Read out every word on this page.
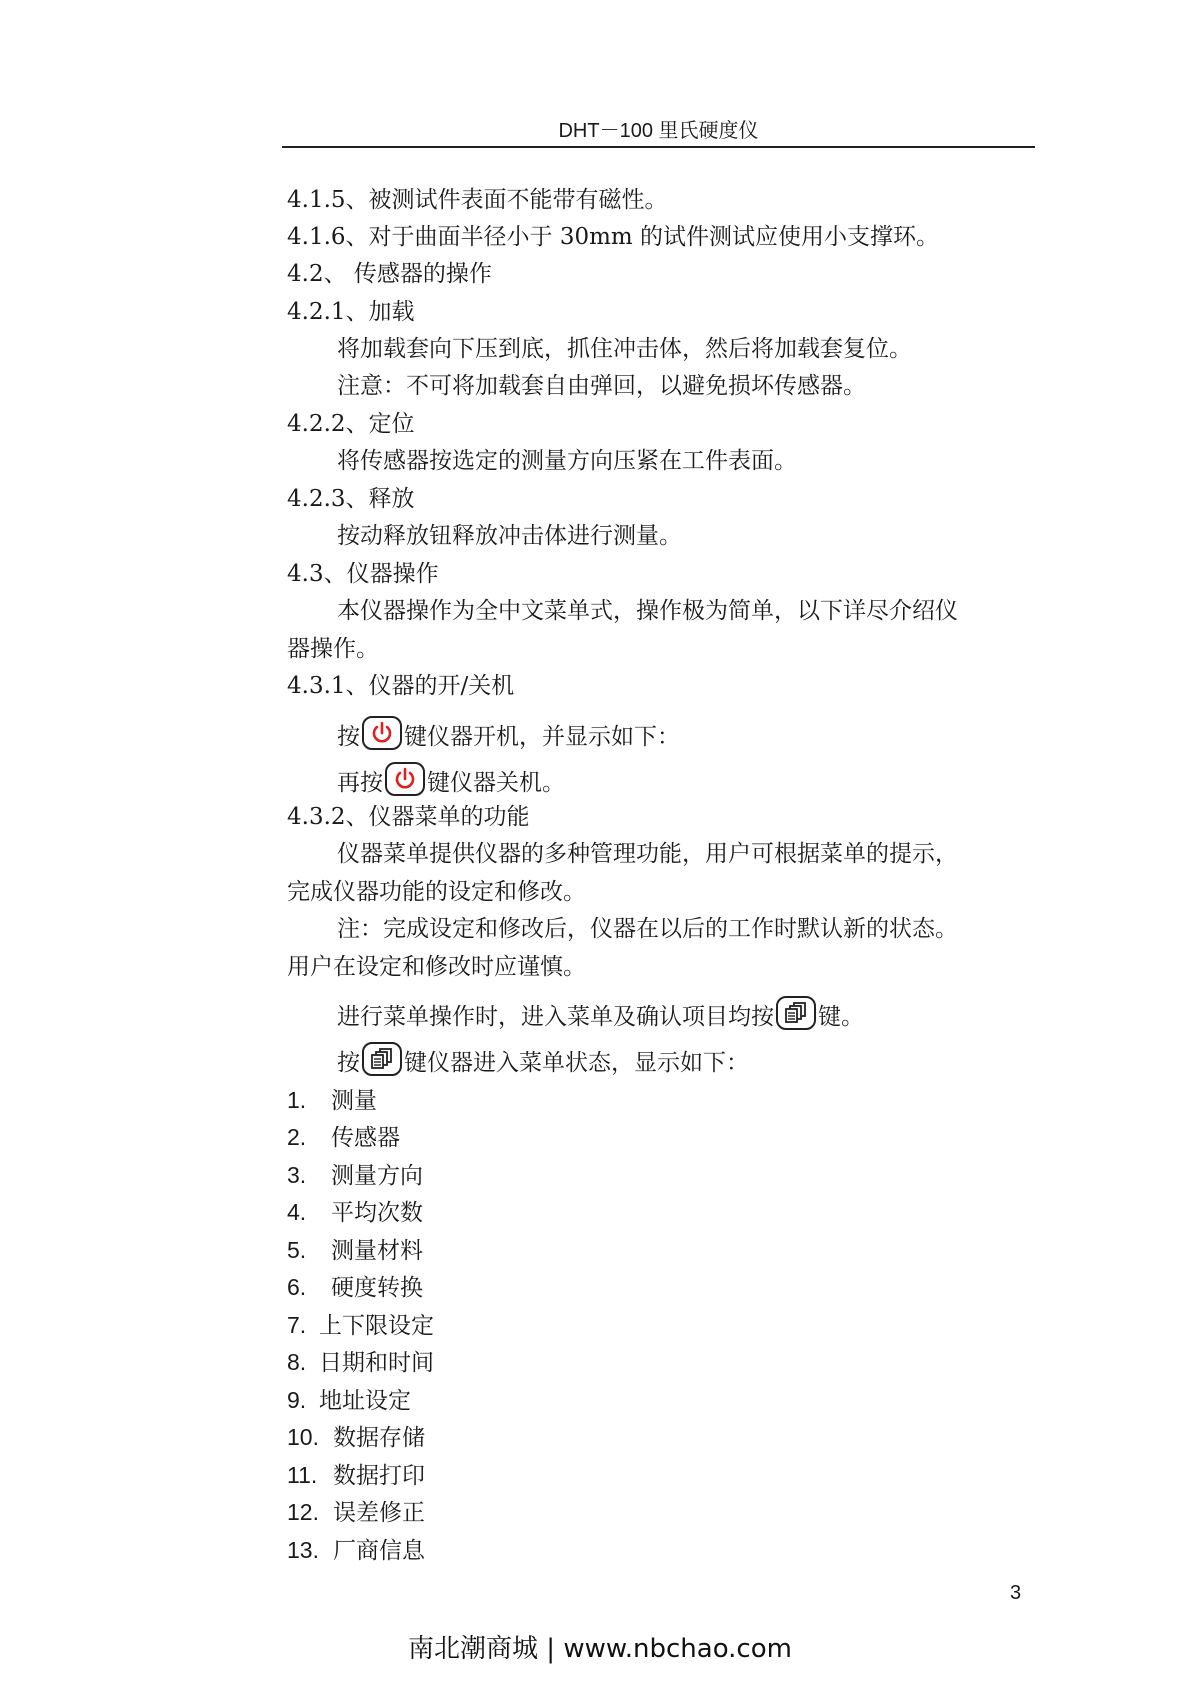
DHT－100 里氏硬度仪
4.1.5、被测试件表面不能带有磁性。
4.1.6、对于曲面半径小于 30mm 的试件测试应使用小支撑环。
4.2、 传感器的操作
4.2.1、加载
将加载套向下压到底，抓住冲击体，然后将加载套复位。
注意：不可将加载套自由弹回，以避免损坏传感器。
4.2.2、定位
将传感器按选定的测量方向压紧在工件表面。
4.2.3、释放
按动释放钮释放冲击体进行测量。
4.3、仪器操作
本仪器操作为全中文菜单式，操作极为简单，以下详尽介绍仪
器操作。
4.3.1、仪器的开/关机
按 键仪器开机，并显示如下：
再按 键仪器关机。
4.3.2、仪器菜单的功能
仪器菜单提供仪器的多种管理功能，用户可根据菜单的提示，
完成仪器功能的设定和修改。
注：完成设定和修改后，仪器在以后的工作时默认新的状态。
用户在设定和修改时应谨慎。
进行菜单操作时，进入菜单及确认项目均按 键。
按 键仪器进入菜单状态，显示如下：
1. 测量
2. 传感器
3. 测量方向
4. 平均次数
5. 测量材料
6. 硬度转换
7. 上下限设定
8. 日期和时间
9. 地址设定
10. 数据存储
11. 数据打印
12. 误差修正
13. 厂商信息
3
南北潮商城 | www.nbchao.com
